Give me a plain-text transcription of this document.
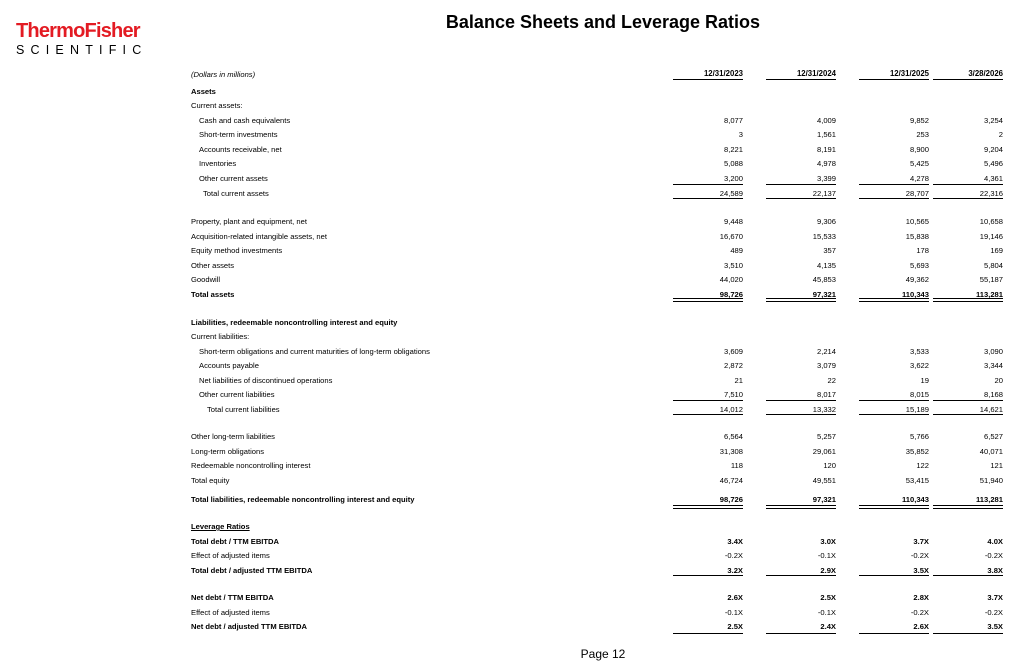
ThermoFisher
SCIENTIFIC
Balance Sheets and Leverage Ratios
(Dollars in millions)	12/31/2023	12/31/2024	12/31/2025	3/28/2026
Assets
Current assets:
Cash and cash equivalents	8,077	4,009	9,852	3,254
Short-term investments	3	1,561	253	2
Accounts receivable, net	8,221	8,191	8,900	9,204
Inventories	5,088	4,978	5,425	5,496
Other current assets	3,200	3,399	4,278	4,361
Total current assets	24,589	22,137	28,707	22,316
Property, plant and equipment, net	9,448	9,306	10,565	10,658
Acquisition-related intangible assets, net	16,670	15,533	15,838	19,146
Equity method investments	489	357	178	169
Other assets	3,510	4,135	5,693	5,804
Goodwill	44,020	45,853	49,362	55,187
Total assets	98,726	97,321	110,343	113,281
Liabilities, redeemable noncontrolling interest and equity
Current liabilities:
Short-term obligations and current maturities of long-term obligations	3,609	2,214	3,533	3,090
Accounts payable	2,872	3,079	3,622	3,344
Net liabilities of discontinued operations	21	22	19	20
Other current liabilities	7,510	8,017	8,015	8,168
Total current liabilities	14,012	13,332	15,189	14,621
Other long-term liabilities	6,564	5,257	5,766	6,527
Long-term obligations	31,308	29,061	35,852	40,071
Redeemable noncontrolling interest	118	120	122	121
Total equity	46,724	49,551	53,415	51,940
Total liabilities, redeemable noncontrolling interest and equity	98,726	97,321	110,343	113,281
Leverage Ratios
Total debt / TTM EBITDA	3.4X	3.0X	3.7X	4.0X
Effect of adjusted items	-0.2X	-0.1X	-0.2X	-0.2X
Total debt / adjusted TTM EBITDA	3.2X	2.9X	3.5X	3.8X
Net debt / TTM EBITDA	2.6X	2.5X	2.8X	3.7X
Effect of adjusted items	-0.1X	-0.1X	-0.2X	-0.2X
Net debt / adjusted TTM EBITDA	2.5X	2.4X	2.6X	3.5X
Page 12
